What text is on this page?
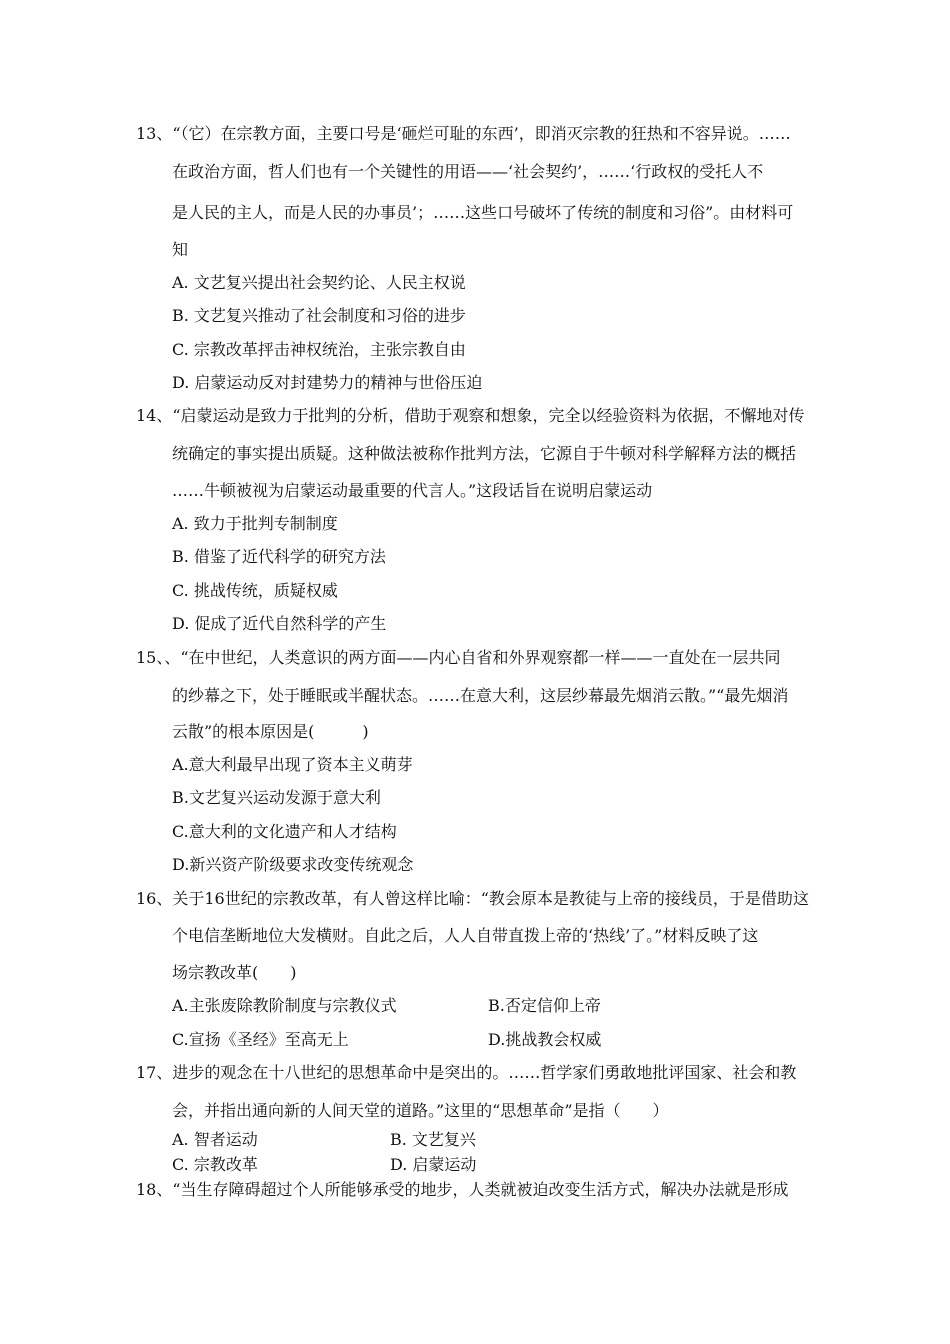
13、“（它）在宗教方面，主要口号是‘砸烂可耻的东西’，即消灭宗教的狂热和不容异说。……
在政治方面，哲人们也有一个关键性的用语——‘社会契约’，……‘行政权的受托人不
是人民的主人，而是人民的办事员’；……这些口号破坏了传统的制度和习俗”。由材料可
知
A. 文艺复兴提出社会契约论、人民主权说
B. 文艺复兴推动了社会制度和习俗的进步
C. 宗教改革抨击神权统治，主张宗教自由
D. 启蒙运动反对封建势力的精神与世俗压迫
14、“启蒙运动是致力于批判的分析，借助于观察和想象，完全以经验资料为依据，不懈地对传
统确定的事实提出质疑。这种做法被称作批判方法，它源自于牛顿对科学解释方法的概括
……牛顿被视为启蒙运动最重要的代言人。”这段话旨在说明启蒙运动
A. 致力于批判专制制度
B. 借鉴了近代科学的研究方法
C. 挑战传统，质疑权威
D. 促成了近代自然科学的产生
15、、“在中世纪，人类意识的两方面——内心自省和外界观察都一样——一直处在一层共同
的纱幕之下，处于睡眠或半醒状态。……在意大利，这层纱幕最先烟消云散。”“最先烟消
云散”的根本原因是(　　　)
A.意大利最早出现了资本主义萌芽
B.文艺复兴运动发源于意大利
C.意大利的文化遗产和人才结构
D.新兴资产阶级要求改变传统观念
16、关于16世纪的宗教改革，有人曾这样比喻：“教会原本是教徒与上帝的接线员，于是借助这
个电信垄断地位大发横财。自此之后，人人自带直拨上帝的‘热线’了。”材料反映了这
场宗教改革(　　)
A.主张废除教阶制度与宗教仪式	B.否定信仰上帝
C.宣扬《圣经》至高无上	D.挑战教会权威
17、进步的观念在十八世纪的思想革命中是突出的。……哲学家们勇敢地批评国家、社会和教
会，并指出通向新的人间天堂的道路。”这里的“思想革命”是指（　　）
A. 智者运动	B. 文艺复兴
C. 宗教改革	D. 启蒙运动
18、“当生存障碍超过个人所能够承受的地步，人类就被迫改变生活方式，解决办法就是形成
